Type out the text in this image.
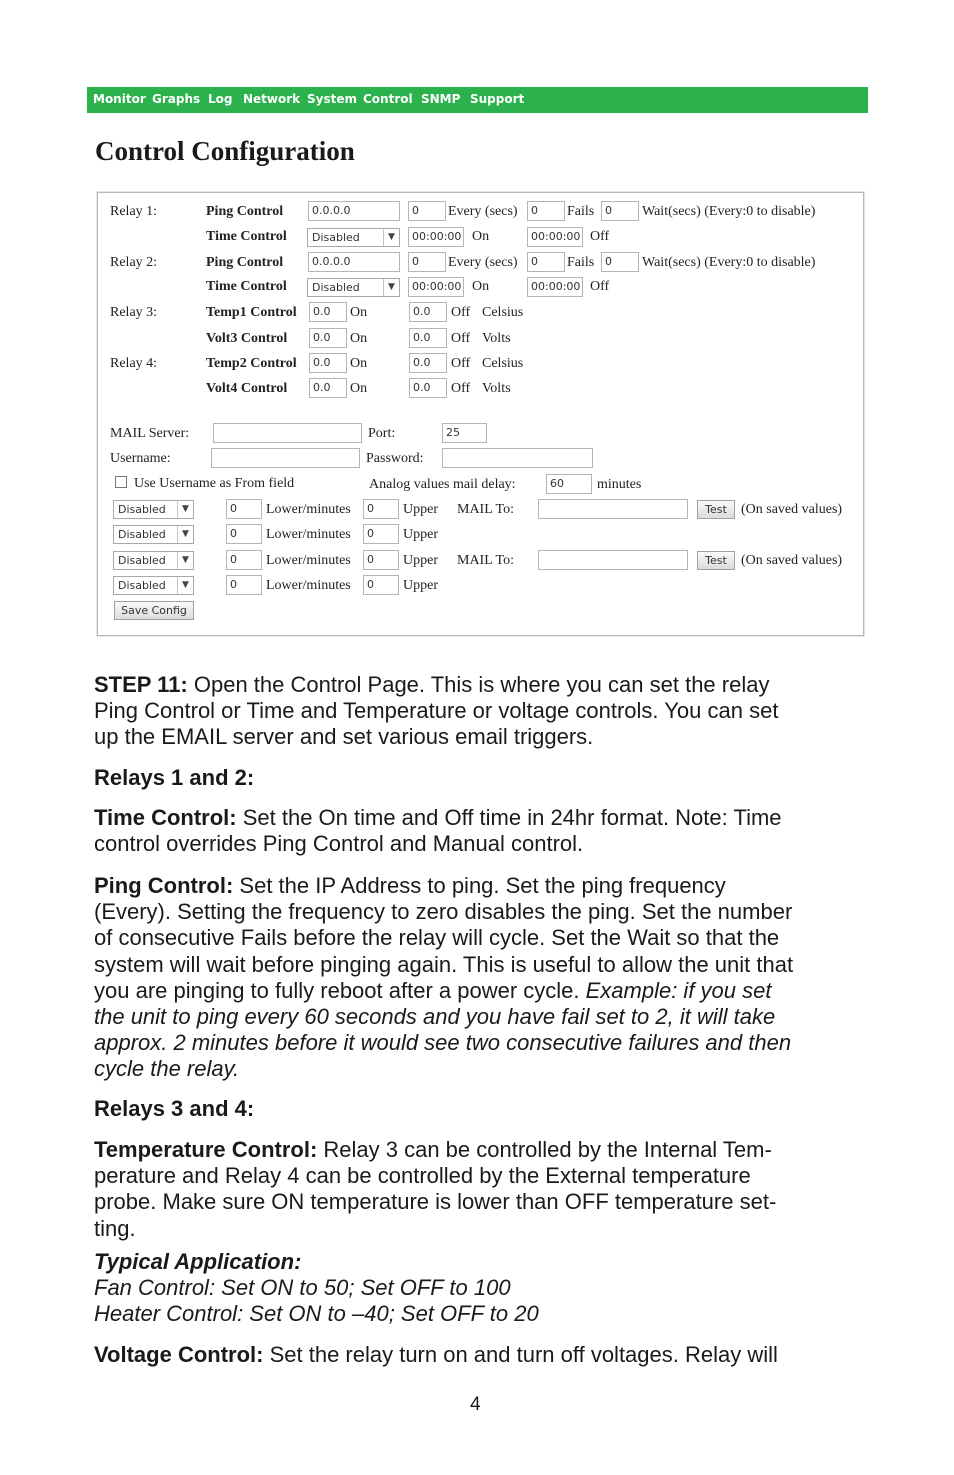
Monitor Graphs Log Network System Control SNMP Support
Control Configuration
Relay 1:	Ping Control	0.0.0.0	0	Every (secs)	0	Fails 0	Wait(secs) (Every:0 to disable)
Time Control	Disabled	▼	00:00:00 On	00:00:00 Off
Relay 2:	Ping Control	0.0.0.0	0	Every (secs)	0	Fails 0	Wait(secs) (Every:0 to disable)
Time Control	Disabled	▼	00:00:00 On	00:00:00 Off
Relay 3:	Temp1 Control	0.0	On	0.0	Off Celsius
Volt3 Control	0.0	On	0.0	Off Volts
Relay 4:	Temp2 Control	0.0	On	0.0	Off Celsius
Volt4 Control	0.0	On	0.0	Off Volts
MAIL Server:	Port:	25
Username:	Password:
Use Username as From field	Analog values mail delay:	60	minutes
Disabled	▼	0	Lower/minutes	0	Upper MAIL To:	Test	(On saved values)
Disabled	▼	0	Lower/minutes	0	Upper
Disabled	▼	0	Lower/minutes	0	Upper MAIL To:	Test	(On saved values)
Disabled	▼	0	Lower/minutes	0	Upper
Save Config
STEP 11: Open the Control Page. This is where you can set the relay
Ping Control or Time and Temperature or voltage controls. You can set
up the EMAIL server and set various email triggers.
Relays 1 and 2:
Time Control: Set the On time and Off time in 24hr format. Note: Time
control overrides Ping Control and Manual control.
Ping Control: Set the IP Address to ping. Set the ping frequency
(Every). Setting the frequency to zero disables the ping. Set the number
of consecutive Fails before the relay will cycle. Set the Wait so that the
system will wait before pinging again. This is useful to allow the unit that
you are pinging to fully reboot after a power cycle. Example: if you set
the unit to ping every 60 seconds and you have fail set to 2, it will take
approx. 2 minutes before it would see two consecutive failures and then
cycle the relay.
Relays 3 and 4:
Temperature Control: Relay 3 can be controlled by the Internal Tem-
perature and Relay 4 can be controlled by the External temperature
probe. Make sure ON temperature is lower than OFF temperature set-
ting.
Typical Application:
Fan Control: Set ON to 50; Set OFF to 100
Heater Control: Set ON to –40; Set OFF to 20
Voltage Control: Set the relay turn on and turn off voltages. Relay will
4
